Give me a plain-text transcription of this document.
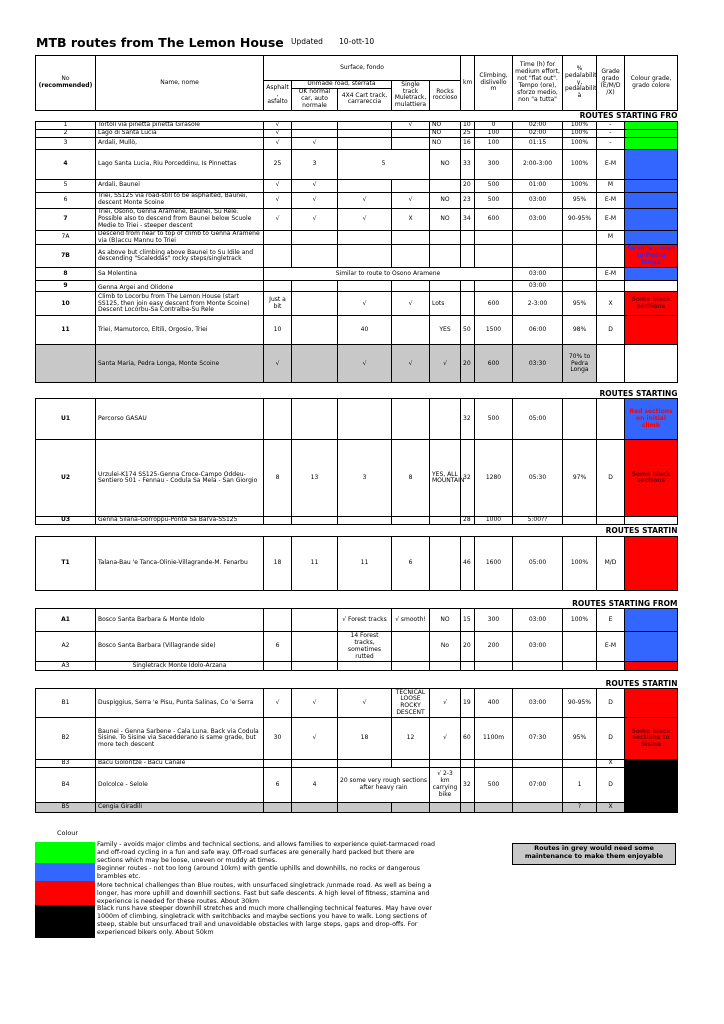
MTB routes from The Lemon House Updated 10-ott-10
No
(recommended)	Name, nome	Surface, fondo					km	Climbing, dislivello m	Time (h) for medium effort, not "flat out". Tempo (ore), sforzo medio, non "a tutta"	% pedalabilit y, pedalabilit à	Grade grado (E/M/D /X)	Colour grade, grado colore
		Asphalt , asfalto	Unmade road, sterrata		Single track Muletrack, mulattiera	Rocks roccioso						
			OK normal car, auto normale	4X4 Cart track, carrareccia								
ROUTES STARTING FRO												
1	Tortolì via pinetta pinetta Girasole	√			√	NO	10	0	02:00	100%	-	
2	Lago di Santa Lucia	√				NO	25	100	02:00	100%	-	
3	Ardali, Mullò,	√	√			NO	16	100	01:15	100%	-	
4	Lago Santa Lucia, Riu Porceddinu, Is Pinnettas	25	3	5		NO	33	300	2:00-3:00	100%	E-M	
5	Ardali, Baunei	√	√				20	500	01:00	100%	M	
6	Triei, SS125 via road-still to be asphalted, Baunei, descent Monte Scoine	√	√	√	√	NO	23	500	03:00	95%	E-M	
7	Triei, Osono, Genna Aramene, Baunei, Su Rele. Possible also to descend from Baunei below Scuole Medie to Triei - steeper descent	√	√	√	X	NO	34	600	03:00	90-95%	E-M	
7A	Descend from near to top of climb to Genna Aramene via (B)accu Mannu to Triei										M	
7B	As above but climbing above Baunei to Su Idile and descending "Scaleddas" rocky steps/singletrack											Su Idile - road to Pedra longa
8	Sa Molentina	Similar to route to Osono Aramene							03:00		E-M	
9	Genna Argei and Olidone								03:00			
10	Climb to Locorbu from The Lemon House (start SS125, then join easy descent from Monte Scoine) Descent Locorbu-Sa Contralba-Su Rele	Just a bit		√	√	Lots		600	2-3:00	95%	X	Some black sections
11	Triei, Mamutorco, Eltili, Orgosio, Triei	10		40		YES	50	1500	06:00	98%	D	
	Santa Maria, Pedra Longa, Monte Scoine	√		√	√	√	20	600	03:30	70% to Pedra Longa		
ROUTES STARTING												
U1	Percorso GASAU						32	500	05:00			Red sections on initial climb
U2	Urzulei-K174 SS125-Genna Croce-Campo Oddeu-Sentiero 501 - Fennau - Codula Sa Mela - San Giorgio	8	13	3	8	YES, ALL MOUNTAIN	32	1280	05:30	97%	D	Some black sections
U3	Genna Silana-Gorroppu-Ponte Sa Barva-SS125						28	1000	5:00??			
ROUTES STARTIN												
T1	Talana-Bau 'e Tanca-Olinie-Villagrande-M. Fenarbu	18	11	11	6		46	1600	05:00	100%	M/D	
ROUTES STARTING FROM												
A1	Bosco Santa Barbara & Monte Idolo			√ Forest tracks	√ smooth!	NO	15	300	03:00	100%	E	
A2	Bosco Santa Barbara (Villagrande side)	6		14 Forest tracks, sometimes rutted		No	20	200	03:00		E-M	
A3	Singletrack Monte Idolo-Arzana											
ROUTES STARTIN												
B1	Duspiggius, Serra 'e Pisu, Punta Salinas, Co 'e Serra	√	√	√	TECNICAL LOOSE ROCKY DESCENT	√	19	400	03:00	90-95%	D	
B2	Baunei - Genna Sarbene - Cala Luna. Back via Codula Sisine. To Sisine via Sacedderano is same grade, but more tech descent	30	√	18	12	√	60	1100m	07:30	95%	D	Some black sections to Sisine
B3	Bacu Goloritzè - Bacu Canale										X	
B4	Dolcolce - Selole	6	4	20 some very rough sections after heavy rain		√ 2-3 km carrying bike	32	500	07:00	1	D	
B5	Cengia Giradili									?	X	
Colour
Family - avoids major climbs and technical sections, and allows families to experience quiet-tarmaced road and off-road cycling in a fun and safe way. Off-road surfaces are generally hard packed but there are sections which may be loose, uneven or muddy at times.
Beginner routes - not too long (around 10km) with gentle uphills and downhills, no rocks or dangerous brambles etc.
More technical challenges than Blue routes, with unsurfaced singletrack /unmade road. As well as being a longer, has more uphill and downhill sections. Fast but safe descents. A high level of fitness, stamina and experience is needed for these routes. About 30km
Black runs have steeper downhill stretches and much more challenging technical features. May have over 1000m of climbing, singletrack with switchbacks and maybe sections you have to walk. Long sections of steep, stable but unsurfaced trail and unavoidable obstacles with large steps, gaps and drop-offs. For experienced bikers only. About 50km
Routes in grey would need some maintenance to make them enjoyable
